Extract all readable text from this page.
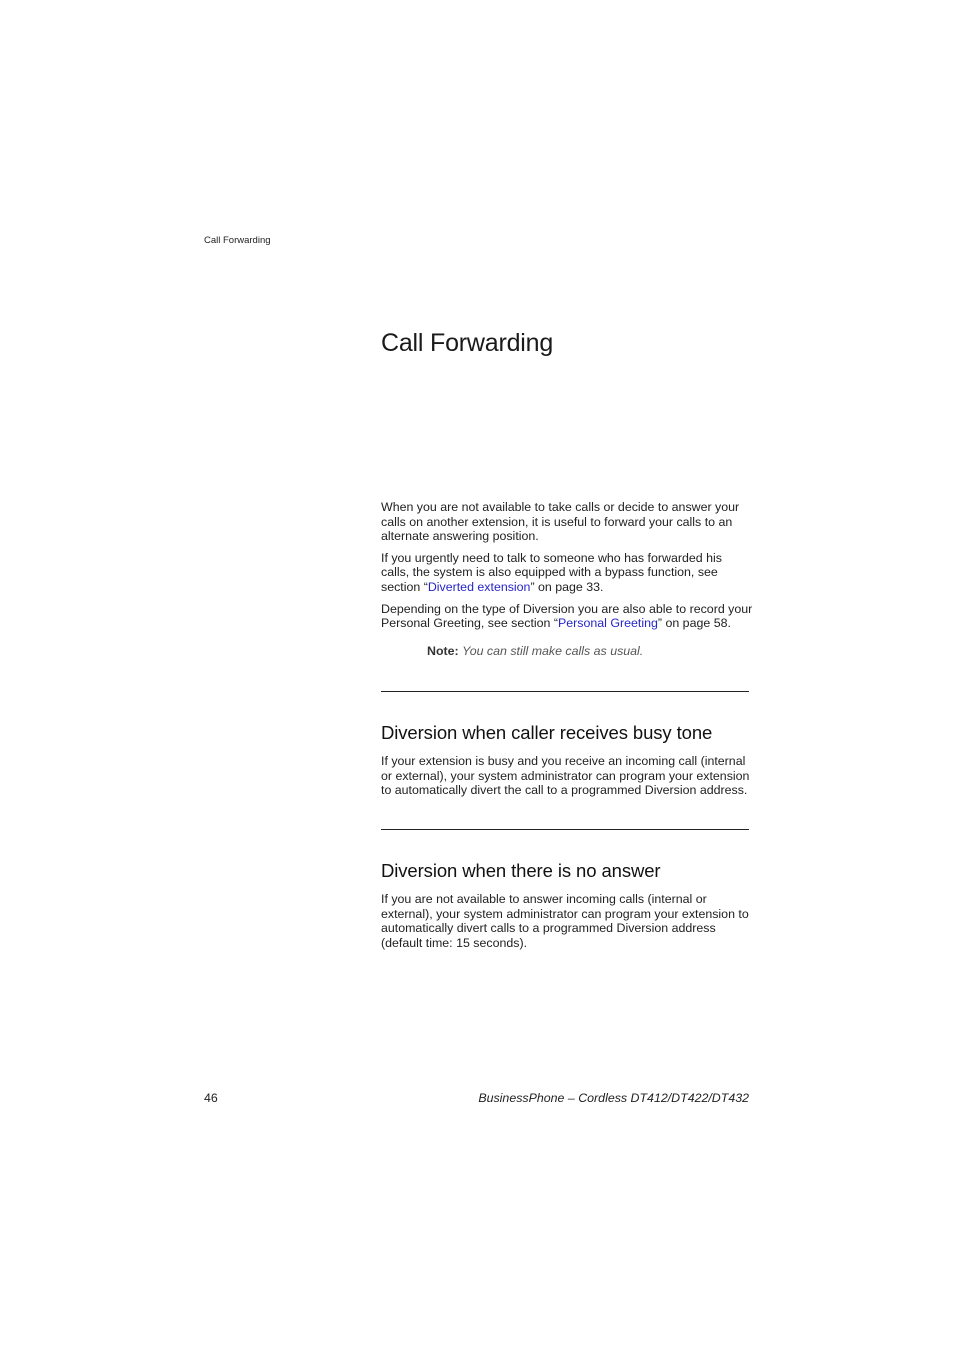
Call Forwarding
Call Forwarding

When you are not available to take calls or decide to answer your calls on another extension, it is useful to forward your calls to an alternate answering position.

If you urgently need to talk to someone who has forwarded his calls, the system is also equipped with a bypass function, see section “Diverted extension” on page 33.

Depending on the type of Diversion you are also able to record your Personal Greeting, see section “Personal Greeting” on page 58.

Note: You can still make calls as usual.
Diversion when caller receives busy tone

If your extension is busy and you receive an incoming call (internal or external), your system administrator can program your extension to automatically divert the call to a programmed Diversion address.

Diversion when there is no answer

If you are not available to answer incoming calls (internal or external), your system administrator can program your extension to automatically divert calls to a programmed Diversion address (default time: 15 seconds).

46	BusinessPhone – Cordless DT412/DT422/DT432
